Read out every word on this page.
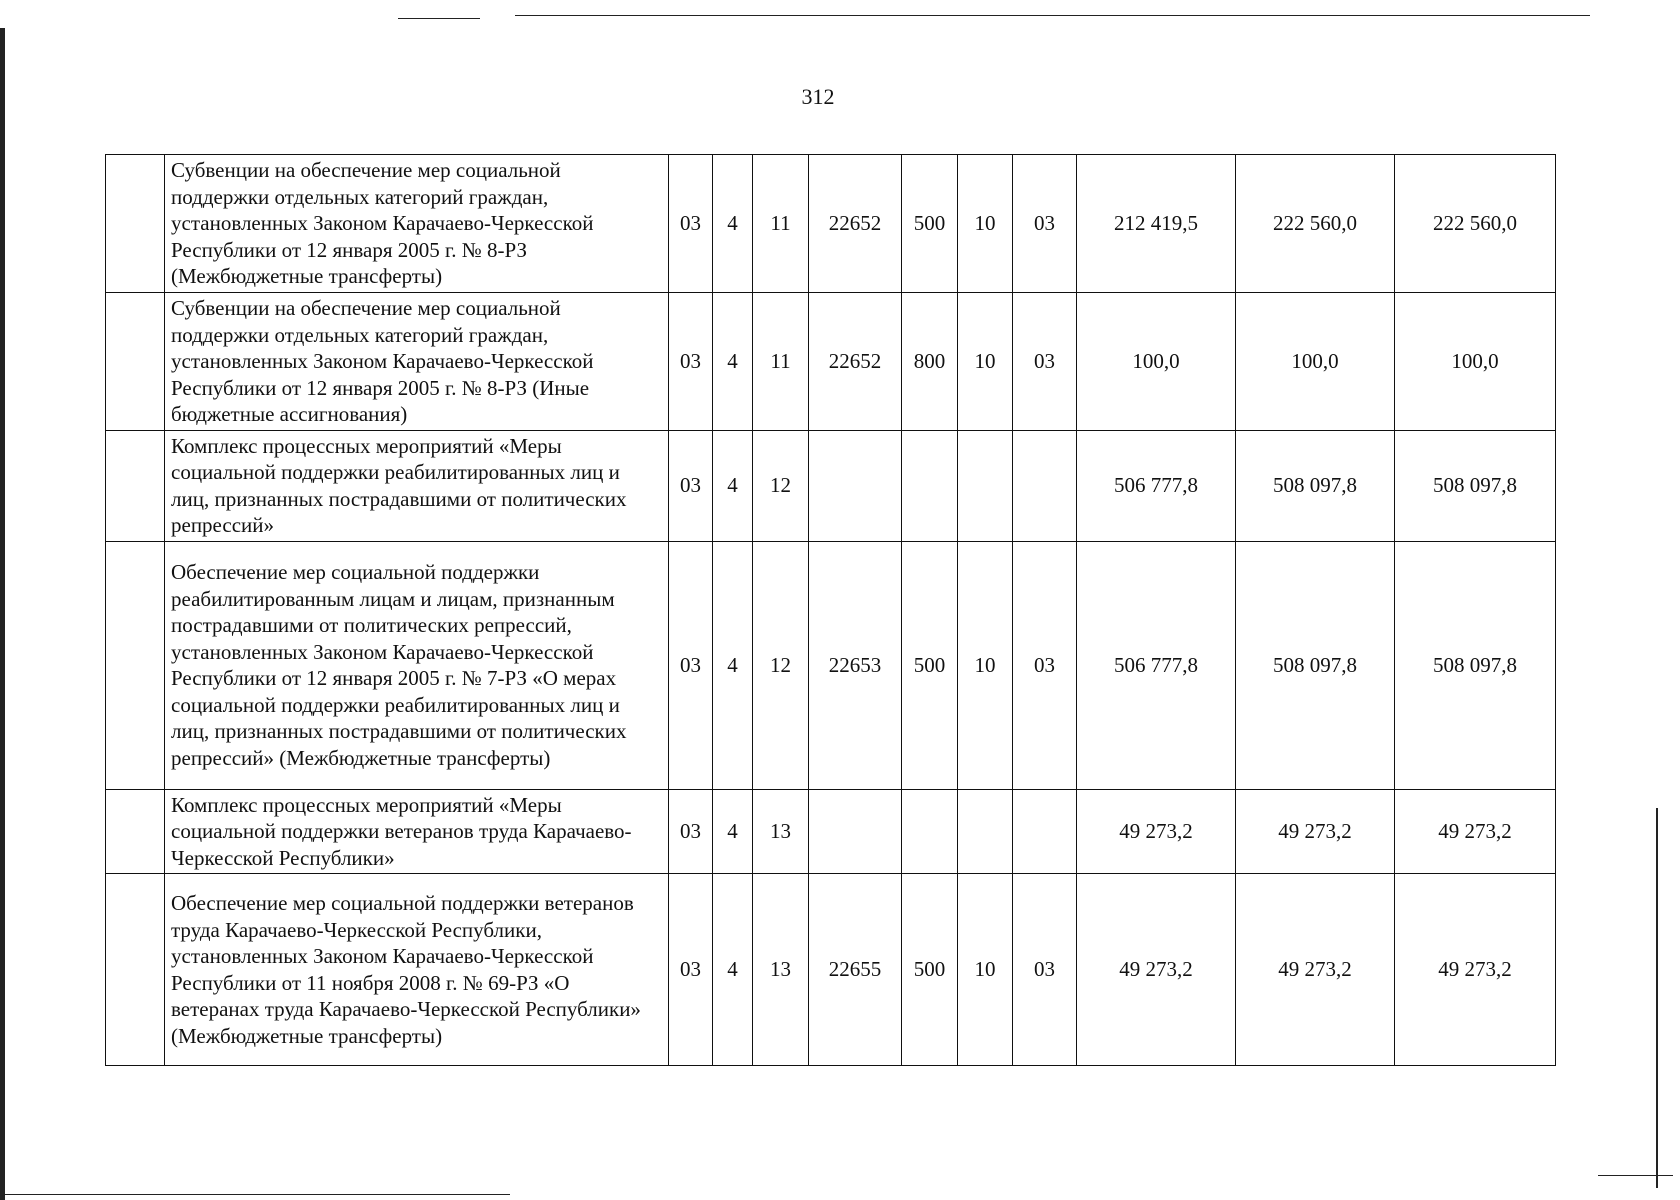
312
	Субвенции на обеспечение мер социальной поддержки отдельных категорий граждан, установленных Законом Карачаево-Черкесской Республики от 12 января 2005 г. № 8-РЗ (Межбюджетные трансферты)	03	4	11	22652	500	10	03	212 419,5	222 560,0	222 560,0
	Субвенции на обеспечение мер социальной поддержки отдельных категорий граждан, установленных Законом Карачаево-Черкесской Республики от 12 января 2005 г. № 8-РЗ (Иные бюджетные ассигнования)	03	4	11	22652	800	10	03	100,0	100,0	100,0
	Комплекс процессных мероприятий «Меры социальной поддержки реабилитированных лиц и лиц, признанных пострадавшими от политических репрессий»	03	4	12					506 777,8	508 097,8	508 097,8
	Обеспечение мер социальной поддержки реабилитированным лицам и лицам, признанным пострадавшими от политических репрессий, установленных Законом Карачаево-Черкесской Республики от 12 января 2005 г. № 7-РЗ «О мерах социальной поддержки реабилитированных лиц и лиц, признанных пострадавшими от политических репрессий» (Межбюджетные трансферты)	03	4	12	22653	500	10	03	506 777,8	508 097,8	508 097,8
	Комплекс процессных мероприятий «Меры социальной поддержки ветеранов труда Карачаево-Черкесской Республики»	03	4	13					49 273,2	49 273,2	49 273,2
	Обеспечение мер социальной поддержки ветеранов труда Карачаево-Черкесской Республики, установленных Законом Карачаево-Черкесской Республики от 11 ноября 2008 г. № 69-РЗ «О ветеранах труда Карачаево-Черкесской Республики» (Межбюджетные трансферты)	03	4	13	22655	500	10	03	49 273,2	49 273,2	49 273,2
